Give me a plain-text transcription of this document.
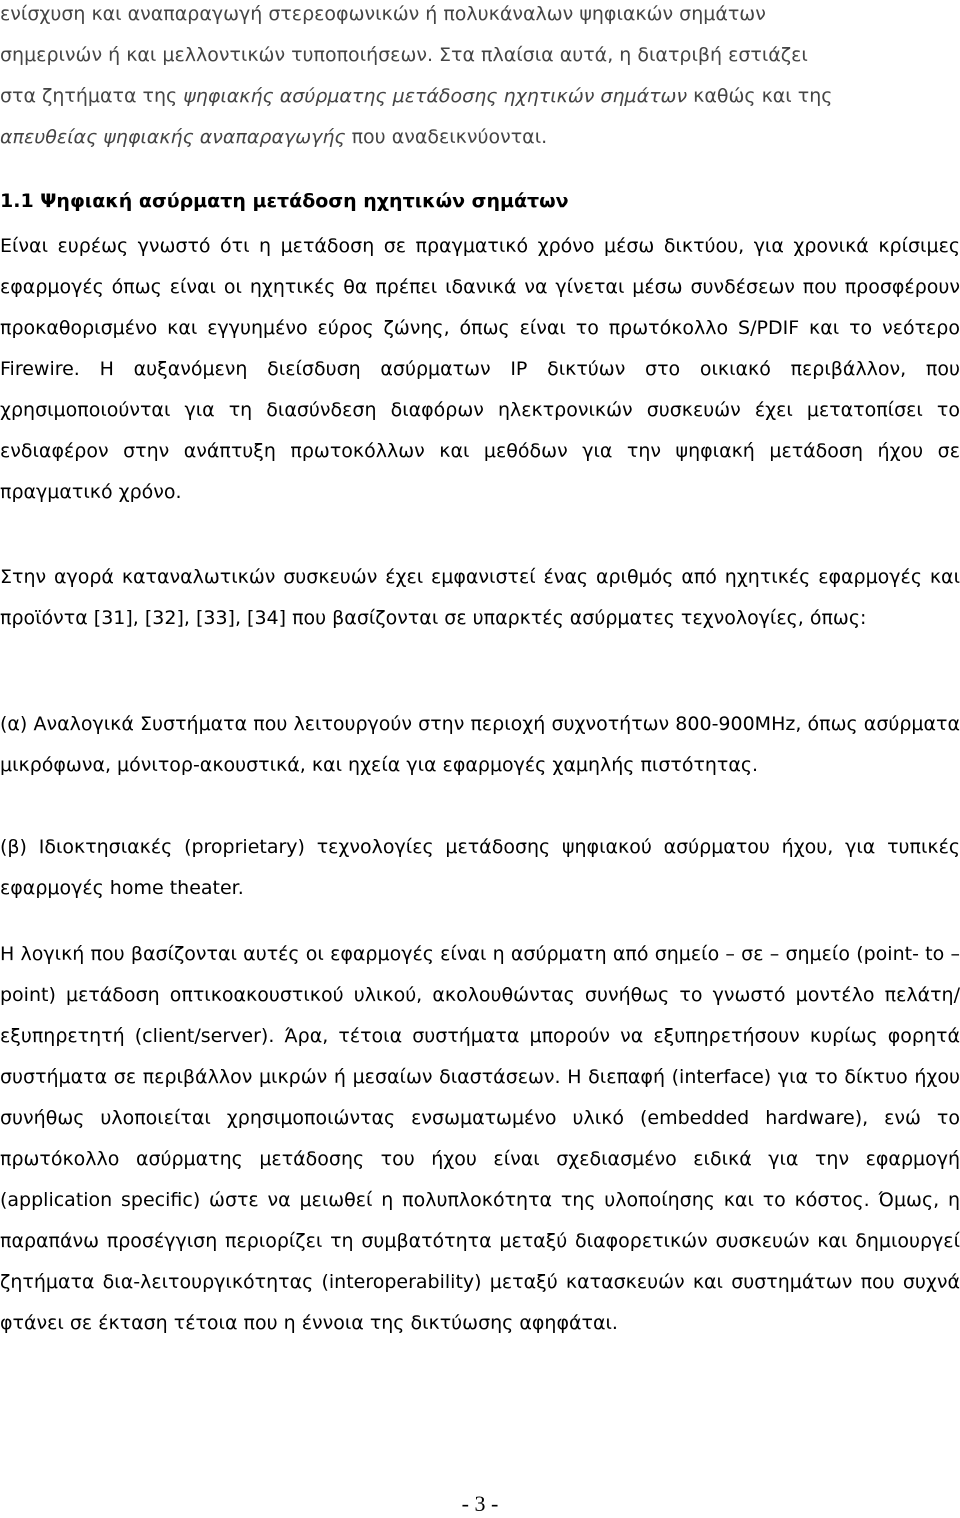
ενίσχυση και αναπαραγωγή στερεοφωνικών ή πολυκάναλων ψηφιακών σημάτων
σημερινών ή και μελλοντικών τυποποιήσεων. Στα πλαίσια αυτά, η διατριβή εστιάζει
στα ζητήματα της ψηφιακής ασύρματης μετάδοσης ηχητικών σημάτων καθώς και της
απευθείας ψηφιακής αναπαραγωγής που αναδεικνύονται.
1.1 Ψηφιακή ασύρματη μετάδοση ηχητικών σημάτων

Είναι ευρέως γνωστό ότι η μετάδοση σε πραγματικό χρόνο μέσω δικτύου, για χρονικά κρίσιμες εφαρμογές όπως είναι οι ηχητικές θα πρέπει ιδανικά να γίνεται μέσω συνδέσεων που προσφέρουν προκαθορισμένο και εγγυημένο εύρος ζώνης, όπως είναι το πρωτόκολλο S/PDIF και το νεότερο Firewire. Η αυξανόμενη διείσδυση ασύρματων IP δικτύων στο οικιακό περιβάλλον, που χρησιμοποιούνται για τη διασύνδεση διαφόρων ηλεκτρονικών συσκευών έχει μετατοπίσει το ενδιαφέρον στην ανάπτυξη πρωτοκόλλων και μεθόδων για την ψηφιακή μετάδοση ήχου σε πραγματικό χρόνο.

Στην αγορά καταναλωτικών συσκευών έχει εμφανιστεί ένας αριθμός από ηχητικές εφαρμογές και προϊόντα [31], [32], [33], [34] που βασίζονται σε υπαρκτές ασύρματες τεχνολογίες, όπως:

(α) Αναλογικά Συστήματα που λειτουργούν στην περιοχή συχνοτήτων 800-900MHz, όπως ασύρματα μικρόφωνα, μόνιτορ-ακουστικά, και ηχεία για εφαρμογές χαμηλής πιστότητας.

(β) Ιδιοκτησιακές (proprietary) τεχνολογίες μετάδοσης ψηφιακού ασύρματου ήχου, για τυπικές εφαρμογές home theater.

Η λογική που βασίζονται αυτές οι εφαρμογές είναι η ασύρματη από σημείο – σε – σημείο (point- to – point) μετάδοση οπτικοακουστικού υλικού, ακολουθώντας συνήθως το γνωστό μοντέλο πελάτη/εξυπηρετητή (client/server). Άρα, τέτοια συστήματα μπορούν να εξυπηρετήσουν κυρίως φορητά συστήματα σε περιβάλλον μικρών ή μεσαίων διαστάσεων. Η διεπαφή (interface) για το δίκτυο ήχου συνήθως υλοποιείται χρησιμοποιώντας ενσωματωμένο υλικό (embedded hardware), ενώ το πρωτόκολλο ασύρματης μετάδοσης του ήχου είναι σχεδιασμένο ειδικά για την εφαρμογή (application specific) ώστε να μειωθεί η πολυπλοκότητα της υλοποίησης και το κόστος. Όμως, η παραπάνω προσέγγιση περιορίζει τη συμβατότητα μεταξύ διαφορετικών συσκευών και δημιουργεί ζητήματα δια-λειτουργικότητας (interoperability) μεταξύ κατασκευών και συστημάτων που συχνά φτάνει σε έκταση τέτοια που η έννοια της δικτύωσης αφηφάται.

- 3 -
